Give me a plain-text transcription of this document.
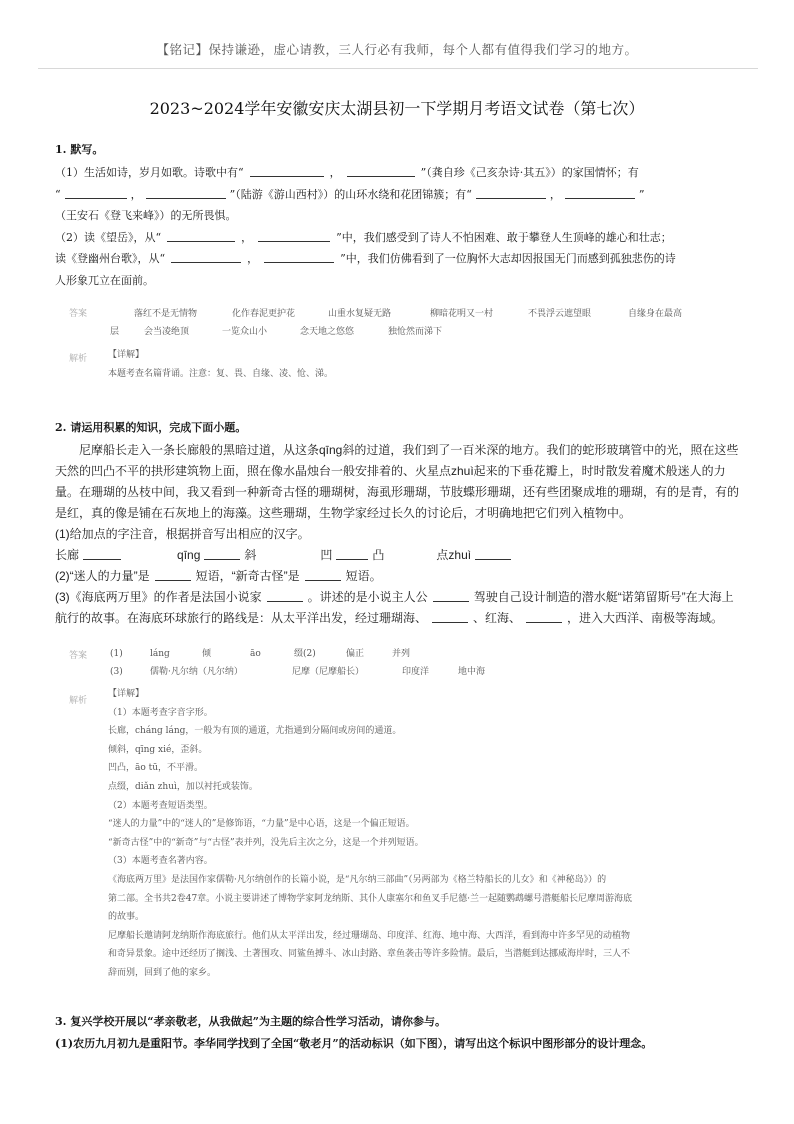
【铭记】保持谦逊，虚心请教，三人行必有我师，每个人都有值得我们学习的地方。
2023~2024学年安徽安庆太湖县初一下学期月考语文试卷（第七次）
1. 默写。
（1）生活如诗，岁月如歌。诗歌中有“	，	”（龚自珍《己亥杂诗·其五》）的家国情怀；有
“	，	”（陆游《游山西村》）的山环水绕和花团锦簇；有“	，	”
（王安石《登飞来峰》）的无所畏惧。
（2）读《望岳》，从“	，	”中，我们感受到了诗人不怕困难、敢于攀登人生顶峰的雄心和壮志；
读《登幽州台歌》，从“	，	”中，我们仿佛看到了一位胸怀大志却因报国无门而感到孤独悲伤的诗
人形象兀立在面前。
答案	落红不是无情物	化作春泥更护花	山重水复疑无路	柳暗花明又一村	不畏浮云遮望眼	自缘身在最高
层	会当凌绝顶	一览众山小	念天地之悠悠	独怆然而涕下
解析 【详解】
本题考查名篇背诵。注意：复、畏、自缘、凌、怆、涕。
2. 请运用积累的知识，完成下面小题。
尼摩船长走入一条长廊般的黑暗过道，从这条qīng斜的过道，我们到了一百米深的地方。我们的蛇形玻璃管中的光，照在这些
天然的凹凸不平的拱形建筑物上面，照在像水晶烛台一般安排着的、火星点zhuì起来的下垂花瓣上，时时散发着魔术般迷人的力
量。在珊瑚的丛枝中间，我又看到一种新奇古怪的珊瑚树，海虱形珊瑚，节肢蝶形珊瑚，还有些团聚成堆的珊瑚，有的是青，有的
是红，真的像是铺在石灰地上的海藻。这些珊瑚，生物学家经过长久的讨论后，才明确地把它们列入植物中。
(1)给加点的字注音，根据拼音写出相应的汉字。
长廊	qīng	斜	凹	凸	点zhuì
(2)“迷人的力量”是	短语，“新奇古怪”是	短语。
(3)《海底两万里》的作者是法国小说家	。讲述的是小说主人公	驾驶自己设计制造的潜水艇“诺第留斯号”在大海上
航行的故事。在海底环球旅行的路线是：从太平洋出发，经过珊瑚海、	、红海、	，进入大西洋、南极等海域。
答案	(1)	láng	倾	āo	缀(2)	偏正	并列
(3)	儒勒·凡尔纳（凡尔纳）	尼摩（尼摩船长）	印度洋	地中海
解析
【详解】
（1）本题考查字音字形。
长廊，cháng láng，一般为有顶的通道，尤指通到分隔间或房间的通道。
倾斜，qīng xié，歪斜。
凹凸，āo tū，不平滑。
点缀，diǎn zhuì，加以衬托或装饰。
（2）本题考查短语类型。
“迷人的力量”中的“迷人的”是修饰语，“力量”是中心语，这是一个偏正短语。
“新奇古怪”中的“新奇”与“古怪”表并列，没先后主次之分，这是一个并列短语。
（3）本题考查名著内容。
《海底两万里》是法国作家儒勒·凡尔纳创作的长篇小说，是“凡尔纳三部曲”（另两部为《格兰特船长的儿女》和《神秘岛》）的
第二部。全书共2卷47章。小说主要讲述了博物学家阿龙纳斯、其仆人康塞尔和鱼叉手尼德·兰一起随鹦鹉螺号潜艇船长尼摩周游海底
的故事。
尼摩船长邀请阿龙纳斯作海底旅行。他们从太平洋出发，经过珊瑚岛、印度洋、红海、地中海、大西洋，看到海中许多罕见的动植物
和奇异景象。途中还经历了搁浅、土著围攻、同鲨鱼搏斗、冰山封路、章鱼袭击等许多险情。最后，当潜艇到达挪威海岸时，三人不
辞而别，回到了他的家乡。
3. 复兴学校开展以“孝亲敬老，从我做起”为主题的综合性学习活动，请你参与。
(1)农历九月初九是重阳节。李华同学找到了全国“敬老月”的活动标识（如下图），请写出这个标识中图形部分的设计理念。
